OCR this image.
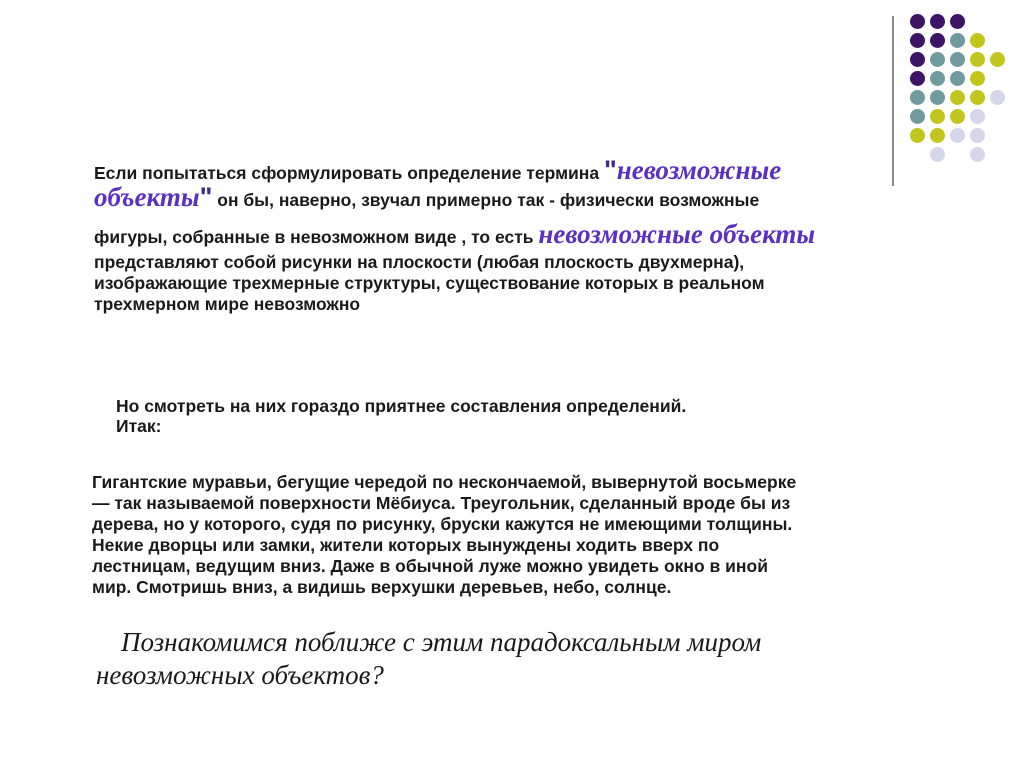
Если попытаться сформулировать определение термина "невозможные
объекты" он бы, наверно, звучал примерно так - физически возможные
фигуры, собранные в невозможном виде , то есть невозможные объекты
представляют собой рисунки на плоскости (любая плоскость двухмерна),
изображающие трехмерные структуры, существование которых в реальном
трехмерном мире невозможно
Но смотреть на них гораздо приятнее составления определений.
Итак:
Гигантские муравьи, бегущие чередой по нескончаемой, вывернутой восьмерке
— так называемой поверхности Мёбиуса. Треугольник, сделанный вроде бы из
дерева, но у которого, судя по рисунку, бруски кажутся не имеющими толщины.
Некие дворцы или замки, жители которых вынуждены ходить вверх по
лестницам, ведущим вниз. Даже в обычной луже можно увидеть окно в иной
мир. Смотришь вниз, а видишь верхушки деревьев, небо, солнце.
Познакомимся поближе с этим парадоксальным миром
невозможных объектов?
